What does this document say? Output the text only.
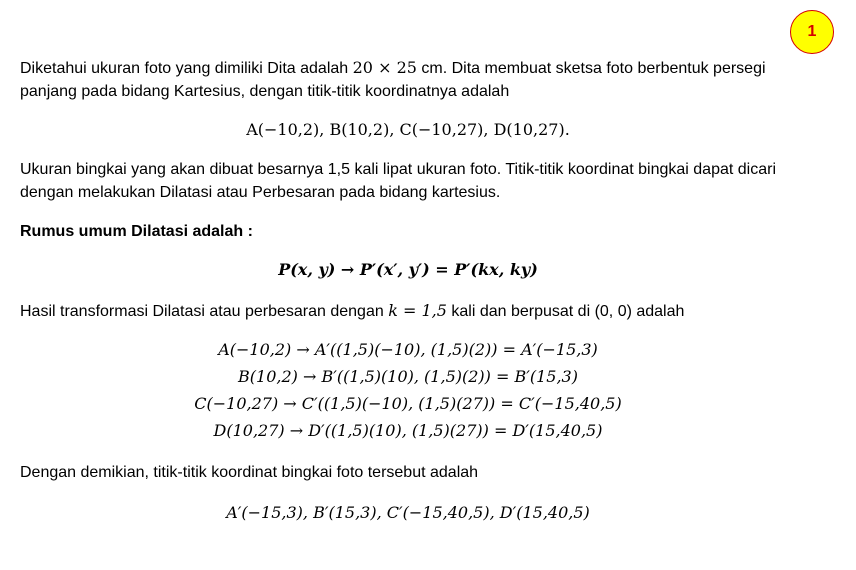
1
Diketahui ukuran foto yang dimiliki Dita adalah 20 × 25 cm. Dita membuat sketsa foto berbentuk persegi panjang pada bidang Kartesius, dengan titik-titik koordinatnya adalah
A(−10,2), B(10,2), C(−10,27), D(10,27).
Ukuran bingkai yang akan dibuat besarnya 1,5 kali lipat ukuran foto. Titik-titik koordinat bingkai dapat dicari dengan melakukan Dilatasi atau Perbesaran pada bidang kartesius.
Rumus umum Dilatasi adalah :
P(x, y) → P′(x′, y′) = P′(kx, ky)
Hasil transformasi Dilatasi atau perbesaran dengan k = 1,5 kali dan berpusat di (0, 0) adalah
A(−10,2) → A′((1,5)(−10), (1,5)(2)) = A′(−15,3)
B(10,2) → B′((1,5)(10), (1,5)(2)) = B′(15,3)
C(−10,27) → C′((1,5)(−10), (1,5)(27)) = C′(−15,40,5)
D(10,27) → D′((1,5)(10), (1,5)(27)) = D′(15,40,5)
Dengan demikian, titik-titik koordinat bingkai foto tersebut adalah
A′(−15,3), B′(15,3), C′(−15,40,5), D′(15,40,5)
